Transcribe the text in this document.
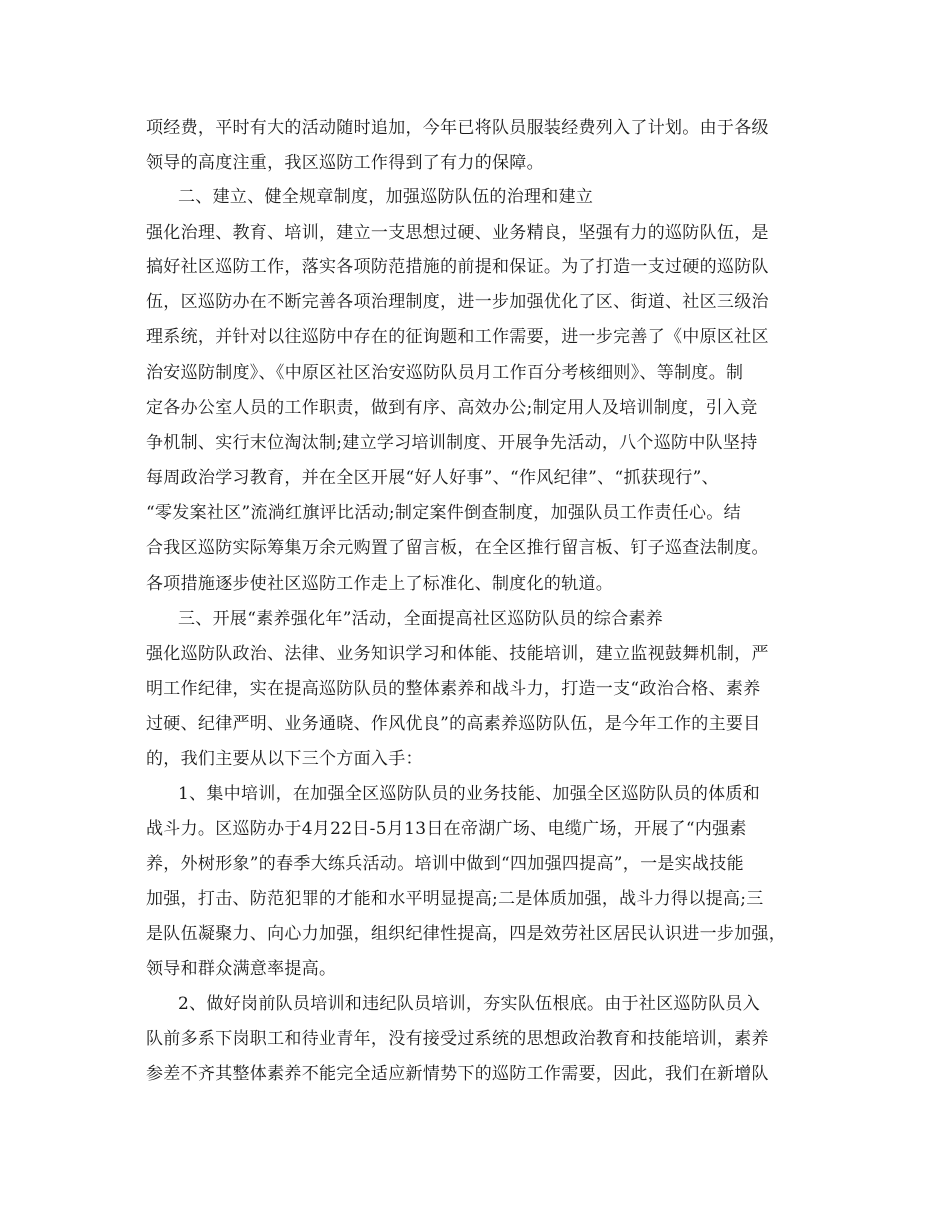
项经费，平时有大的活动随时追加，今年已将队员服装经费列入了计划。由于各级
领导的高度注重，我区巡防工作得到了有力的保障。
二、建立、健全规章制度，加强巡防队伍的治理和建立
强化治理、教育、培训，建立一支思想过硬、业务精良，坚强有力的巡防队伍，是
搞好社区巡防工作，落实各项防范措施的前提和保证。为了打造一支过硬的巡防队
伍，区巡防办在不断完善各项治理制度，进一步加强优化了区、街道、社区三级治
理系统，并针对以往巡防中存在的征询题和工作需要，进一步完善了《中原区社区
治安巡防制度》、《中原区社区治安巡防队员月工作百分考核细则》、等制度。制
定各办公室人员的工作职责，做到有序、高效办公;制定用人及培训制度，引入竞
争机制、实行末位淘汰制;建立学习培训制度、开展争先活动，八个巡防中队坚持
每周政治学习教育，并在全区开展“好人好事”、“作风纪律”、“抓获现行”、
“零发案社区”流淌红旗评比活动;制定案件倒查制度，加强队员工作责任心。结
合我区巡防实际筹集万余元购置了留言板，在全区推行留言板、钉子巡查法制度。
各项措施逐步使社区巡防工作走上了标准化、制度化的轨道。
三、开展“素养强化年”活动，全面提高社区巡防队员的综合素养
强化巡防队政治、法律、业务知识学习和体能、技能培训，建立监视鼓舞机制，严
明工作纪律，实在提高巡防队员的整体素养和战斗力，打造一支“政治合格、素养
过硬、纪律严明、业务通晓、作风优良”的高素养巡防队伍，是今年工作的主要目
的，我们主要从以下三个方面入手：
1、集中培训，在加强全区巡防队员的业务技能、加强全区巡防队员的体质和
战斗力。区巡防办于4月22日-5月13日在帝湖广场、电缆广场，开展了“内强素
养，外树形象”的春季大练兵活动。培训中做到“四加强四提高”，一是实战技能
加强，打击、防范犯罪的才能和水平明显提高;二是体质加强，战斗力得以提高;三
是队伍凝聚力、向心力加强，组织纪律性提高，四是效劳社区居民认识进一步加强，
领导和群众满意率提高。
2、做好岗前队员培训和违纪队员培训，夯实队伍根底。由于社区巡防队员入
队前多系下岗职工和待业青年，没有接受过系统的思想政治教育和技能培训，素养
参差不齐其整体素养不能完全适应新情势下的巡防工作需要，因此，我们在新增队
